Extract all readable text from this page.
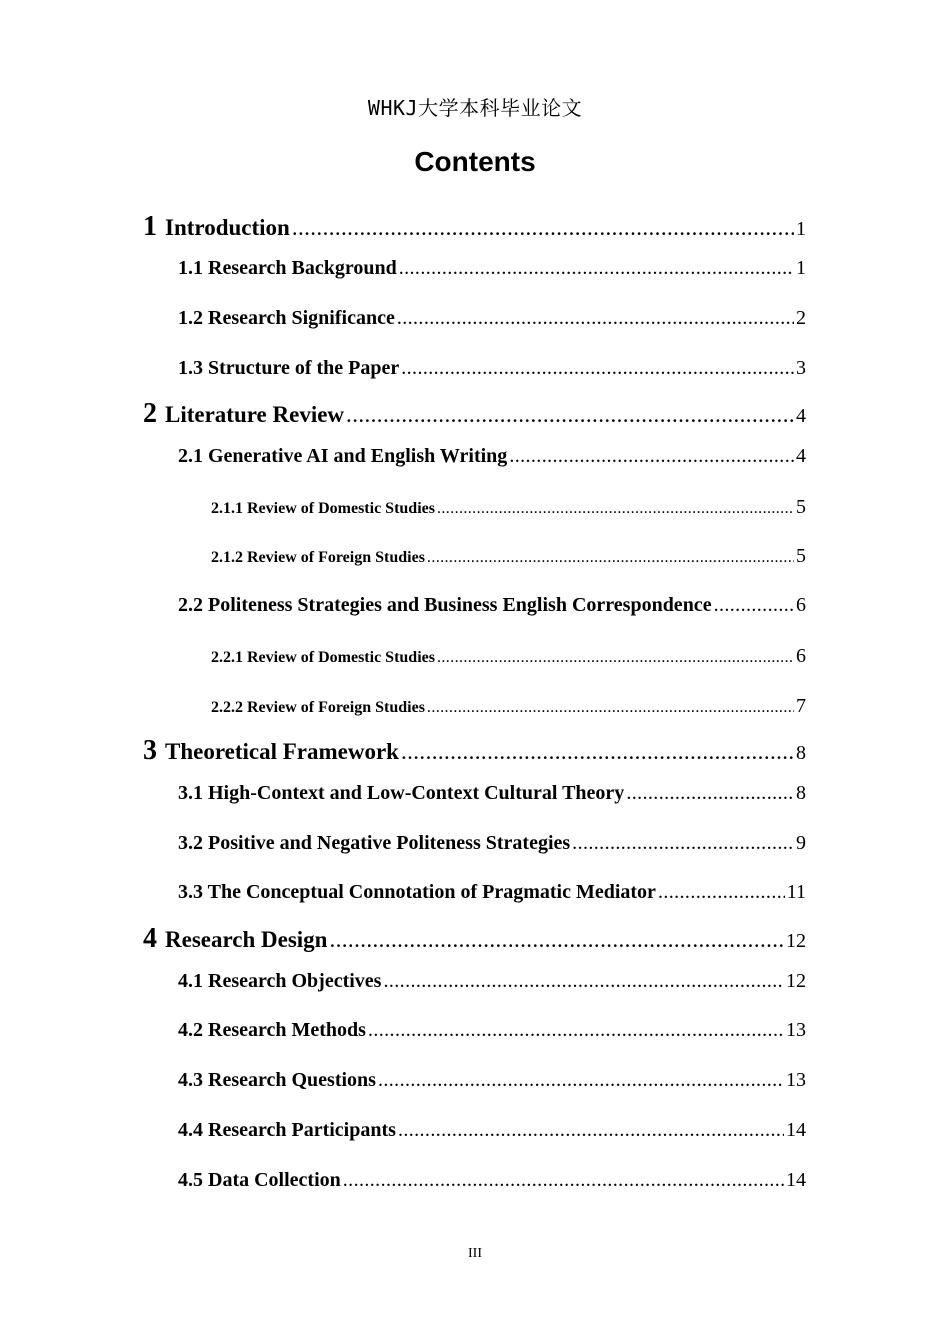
WHKJ大学本科毕业论文
Contents
1 Introduction .....	1
1.1 Research Background .....	1
1.2 Research Significance .....	2
1.3 Structure of the Paper .....	3
2 Literature Review .....	4
2.1 Generative AI and English Writing .....	4
2.1.1 Review of Domestic Studies .....	5
2.1.2 Review of Foreign Studies .....	5
2.2 Politeness Strategies and Business English Correspondence .....	6
2.2.1 Review of Domestic Studies .....	6
2.2.2 Review of Foreign Studies .....	7
3 Theoretical Framework .....	8
3.1 High-Context and Low-Context Cultural Theory .....	8
3.2 Positive and Negative Politeness Strategies .....	9
3.3 The Conceptual Connotation of Pragmatic Mediator .....	11
4 Research Design .....	12
4.1 Research Objectives .....	12
4.2 Research Methods .....	13
4.3 Research Questions .....	13
4.4 Research Participants .....	14
4.5 Data Collection .....	14
III
